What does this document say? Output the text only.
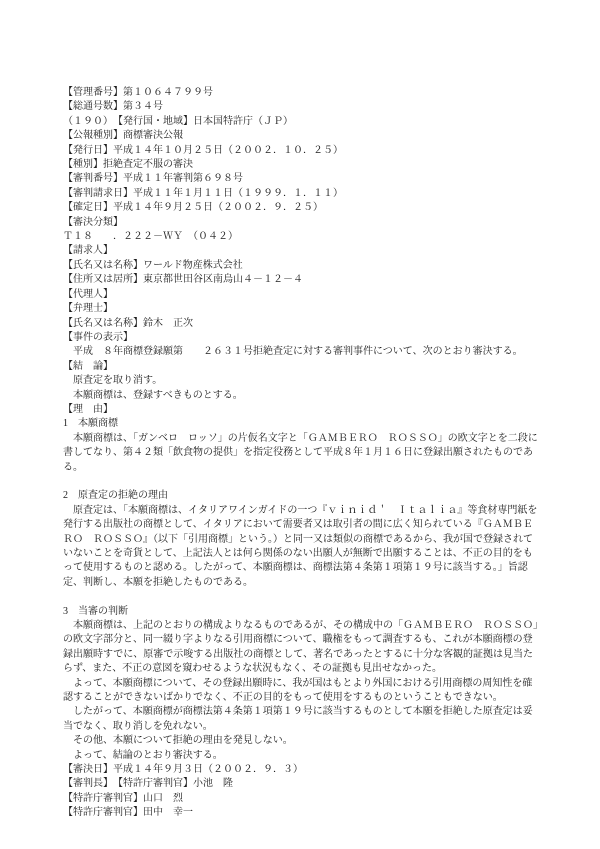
【管理番号】第１０６４７９９号
【総通号数】第３４号
（１９０）　【発行国・地域】日本国特許庁（ＪＰ）
【公報種別】商標審決公報
【発行日】平成１４年１０月２５日（２００２．１０．２５）
【種別】拒絶査定不服の審決
【審判番号】平成１１年審判第６９８号
【審判請求日】平成１１年１月１１日（１９９９．１．１１）
【確定日】平成１４年９月２５日（２００２．９．２５）
【審決分類】
Ｔ１８　　．２２２－ＷＹ　（０４２）
【請求人】
【氏名又は名称】ワールド物産株式会社
【住所又は居所】東京都世田谷区南烏山４－１２－４
【代理人】
【弁理士】
【氏名又は名称】鈴木　正次
【事件の表示】
　平成　８年商標登録願第　　２６３１号拒絶査定に対する審判事件について、次のとおり審決する。
【結　論】
　原査定を取り消す。
　本願商標は、登録すべきものとする。
【理　由】
1　本願商標
　本願商標は、「ガンベロ　ロッソ」の片仮名文字と「ＧＡＭＢＥＲＯ　ＲＯＳＳＯ」の欧文字とを二段に書してなり、第４２類「飲食物の提供」を指定役務として平成８年１月１６日に登録出願されたものである。
2　原査定の拒絶の理由
　原査定は、「本願商標は、イタリアワインガイドの一つ『ｖｉｎｉｄ＇　Ｉｔａｌｉａ』等食材専門紙を発行する出版社の商標として、イタリアにおいて需要者又は取引者の間に広く知られている『ＧＡＭＢＥＲＯ　ＲＯＳＳＯ』（以下「引用商標」という。）と同一又は類似の商標であるから、我が国で登録されていないことを奇貨として、上記法人とは何ら関係のない出願人が無断で出願することは、不正の目的をもって使用するものと認める。したがって、本願商標は、商標法第４条第１項第１９号に該当する。」旨認定、判断し、本願を拒絶したものである。
3　当審の判断
　本願商標は、上記のとおりの構成よりなるものであるが、その構成中の「ＧＡＭＢＥＲＯ　ＲＯＳＳＯ」の欧文字部分と、同一綴り字よりなる引用商標について、職権をもって調査するも、これが本願商標の登録出願時すでに、原審で示唆する出版社の商標として、著名であったとするに十分な客観的証拠は見当たらず、また、不正の意図を窺わせるような状況もなく、その証拠も見出せなかった。
　よって、本願商標について、その登録出願時に、我が国はもとより外国における引用商標の周知性を確認することができないばかりでなく、不正の目的をもって使用をするものということもできない。
　したがって、本願商標が商標法第４条第１項第１９号に該当するものとして本願を拒絶した原査定は妥当でなく、取り消しを免れない。
　その他、本願について拒絶の理由を発見しない。
　よって、結論のとおり審決する。
【審決日】平成１４年９月３日（２００２．９．３）
【審判長】　【特許庁審判官】小池　隆
【特許庁審判官】山口　烈
【特許庁審判官】田中　幸一
